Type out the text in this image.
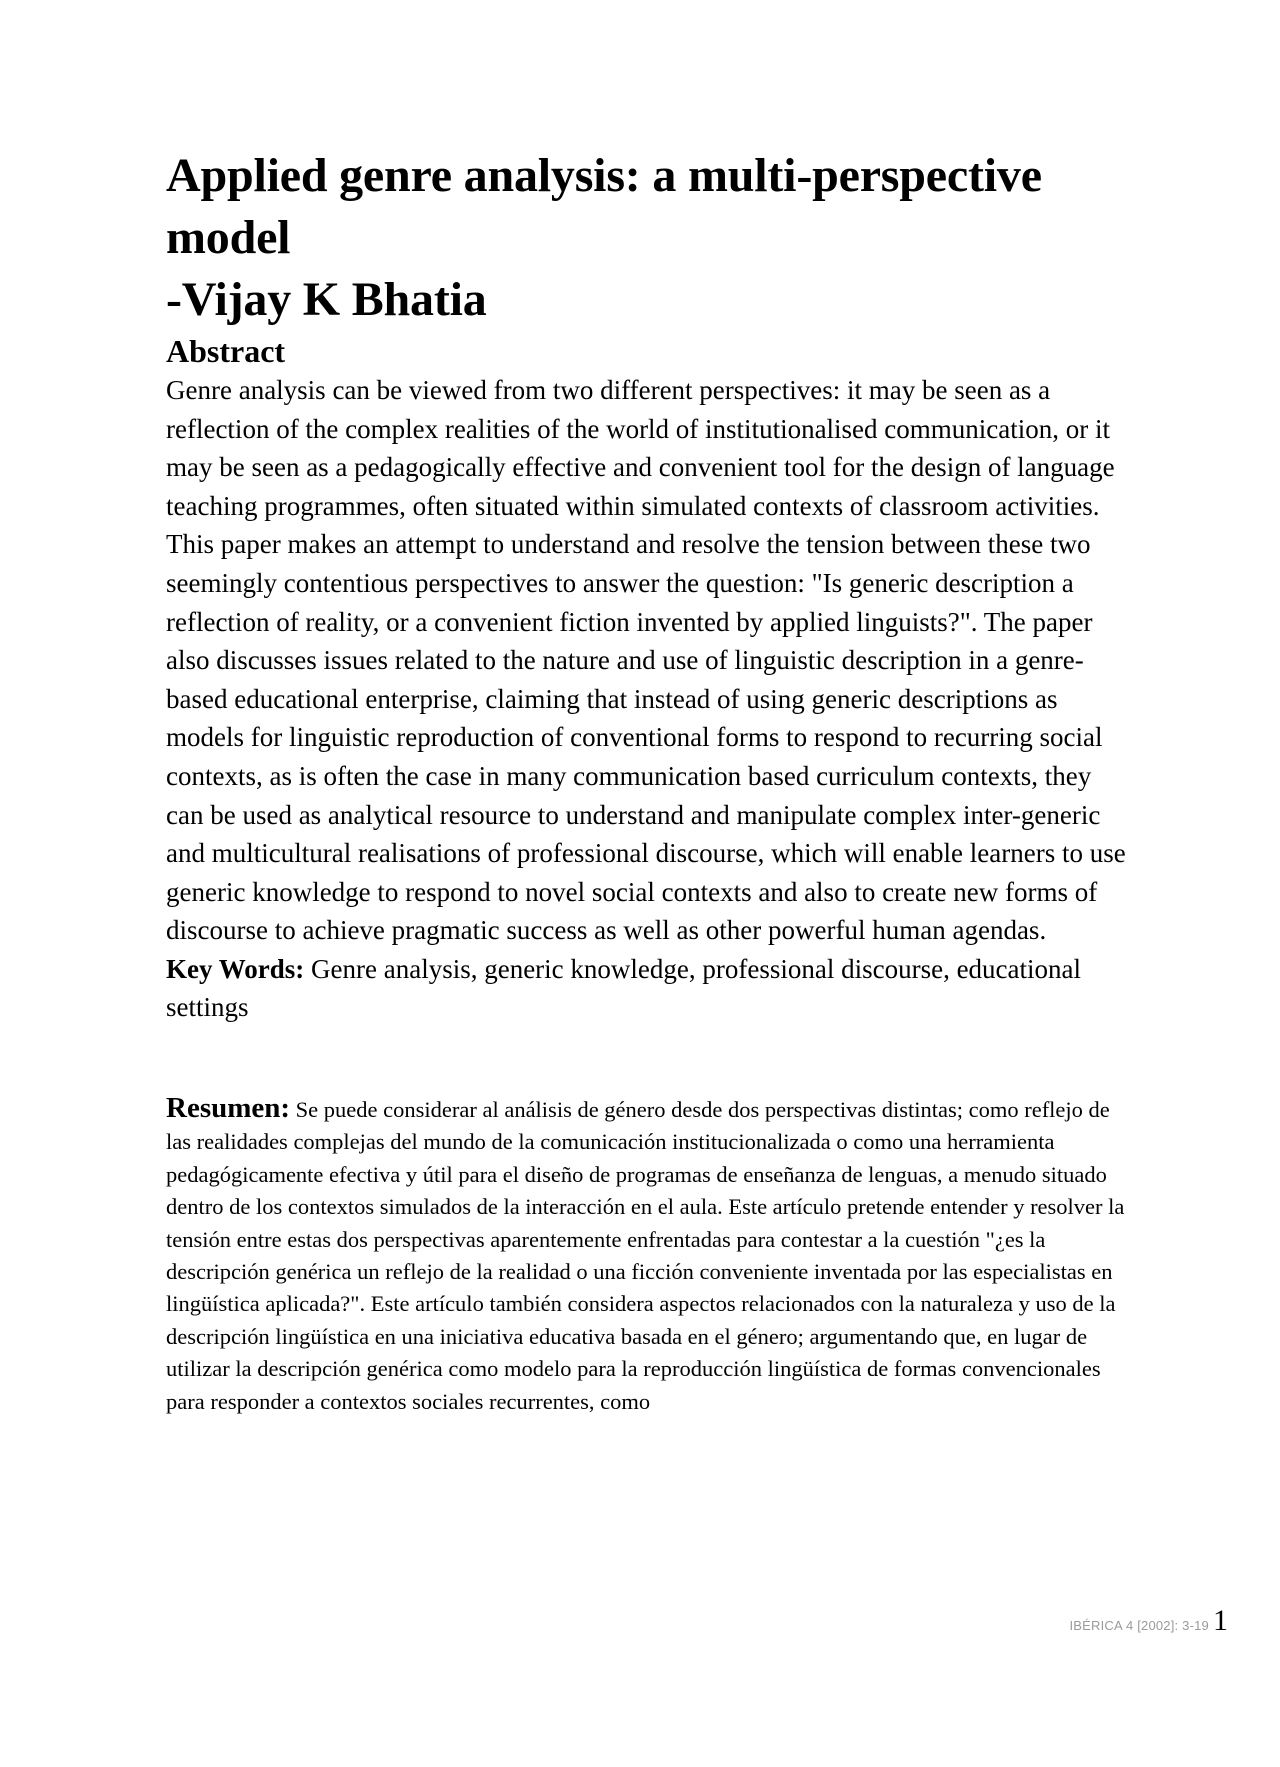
Applied genre analysis: a multi-perspective model
-Vijay K Bhatia
Abstract

Genre analysis can be viewed from two different perspectives: it may be seen as a reflection of the complex realities of the world of institutionalised communication, or it may be seen as a pedagogically effective and convenient tool for the design of language teaching programmes, often situated within simulated contexts of classroom activities. This paper makes an attempt to understand and resolve the tension between these two seemingly contentious perspectives to answer the question: "Is generic description a reflection of reality, or a convenient fiction invented by applied linguists?". The paper also discusses issues related to the nature and use of linguistic description in a genre-based educational enterprise, claiming that instead of using generic descriptions as models for linguistic reproduction of conventional forms to respond to recurring social contexts, as is often the case in many communication based curriculum contexts, they can be used as analytical resource to understand and manipulate complex inter-generic and multicultural realisations of professional discourse, which will enable learners to use generic knowledge to respond to novel social contexts and also to create new forms of discourse to achieve pragmatic success as well as other powerful human agendas.

Key Words: Genre analysis, generic knowledge, professional discourse, educational settings

Resumen: Se puede considerar al análisis de género desde dos perspectivas distintas; como reflejo de las realidades complejas del mundo de la comunicación institucionalizada o como una herramienta pedagógicamente efectiva y útil para el diseño de programas de enseñanza de lenguas, a menudo situado dentro de los contextos simulados de la interacción en el aula. Este artículo pretende entender y resolver la tensión entre estas dos perspectivas aparentemente enfrentadas para contestar a la cuestión "¿es la descripción genérica un reflejo de la realidad o una ficción conveniente inventada por las especialistas en lingüística aplicada?". Este artículo también considera aspectos relacionados con la naturaleza y uso de la descripción lingüística en una iniciativa educativa basada en el género; argumentando que, en lugar de utilizar la descripción genérica como modelo para la reproducción lingüística de formas convencionales para responder a contextos sociales recurrentes, como

IBÉRICA 4 [2002]: 3-19 1
